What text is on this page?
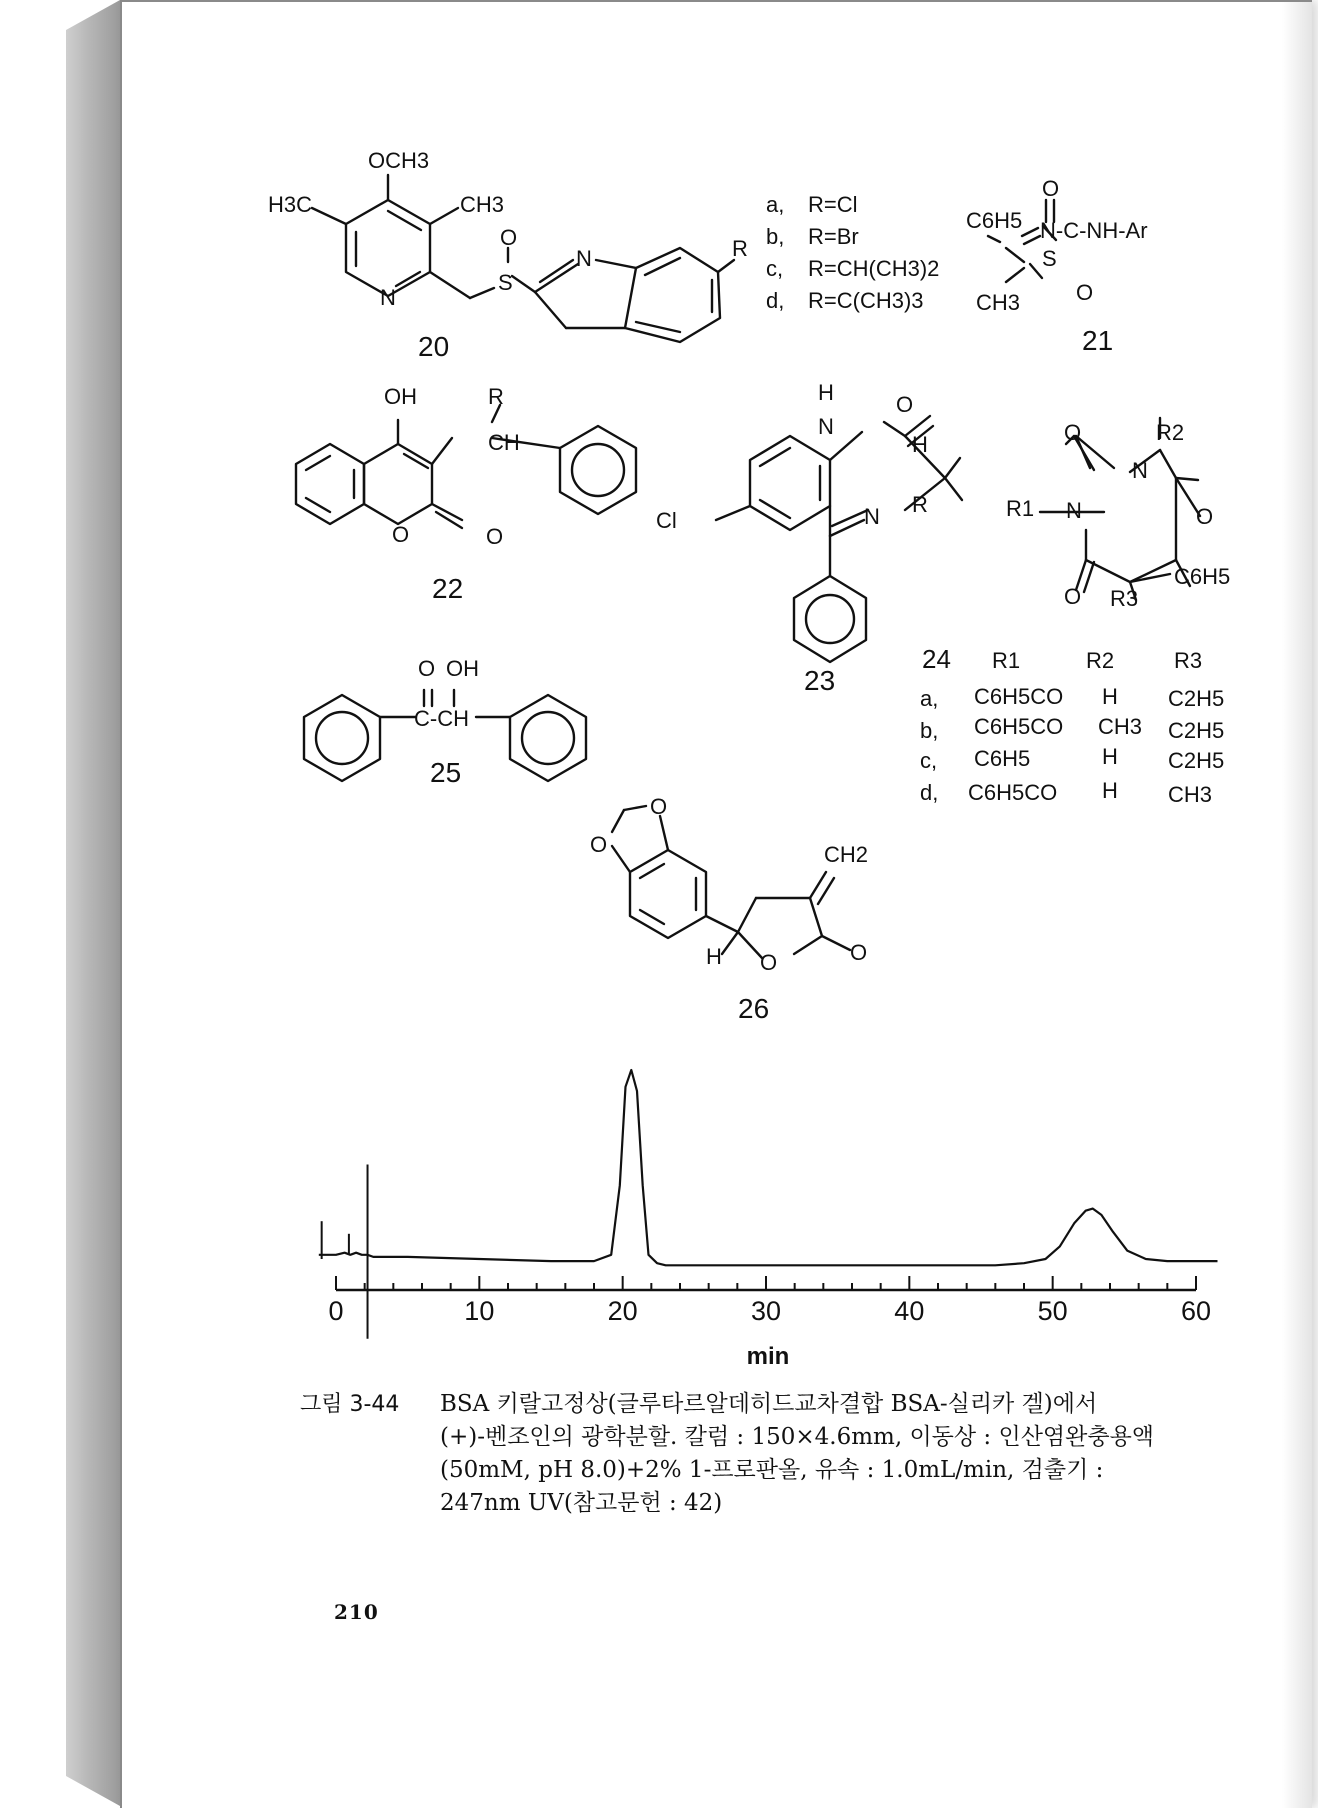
20
OCH3
H3C	CH3
N
O
S
N	R
a, R=Cl
b, R=Br
c, R=CH(CH3)2
d, R=C(CH3)3
21
O
C6H5 N-C-NH-Ar
S
O
CH3
22
OH	R
CH
O	O
23
H
N
O
H
R
N
Cl
O	R2
N
R1 N	O
O R3
C6H5
24 R1	R2	R3
a, C6H5CO H C2H5
b, C6H5CO CH3 C2H5
c, C6H5	H C2H5
d, C6H5CO H CH3
25
O OH
C-CH
26
O
O	CH2
H O	O
0	10	20	30	40	50	60
min
그림 3-44 BSA 키랄고정상(글루타르알데히드교차결합 BSA-실리카 겔)에서
(+)-벤조인의 광학분할. 칼럼 : 150×4.6mm, 이동상 : 인산염완충용액
(50mM, pH 8.0)+2% 1-프로판올, 유속 : 1.0mL/min, 검출기 :
247nm UV(참고문헌 : 42)
210
